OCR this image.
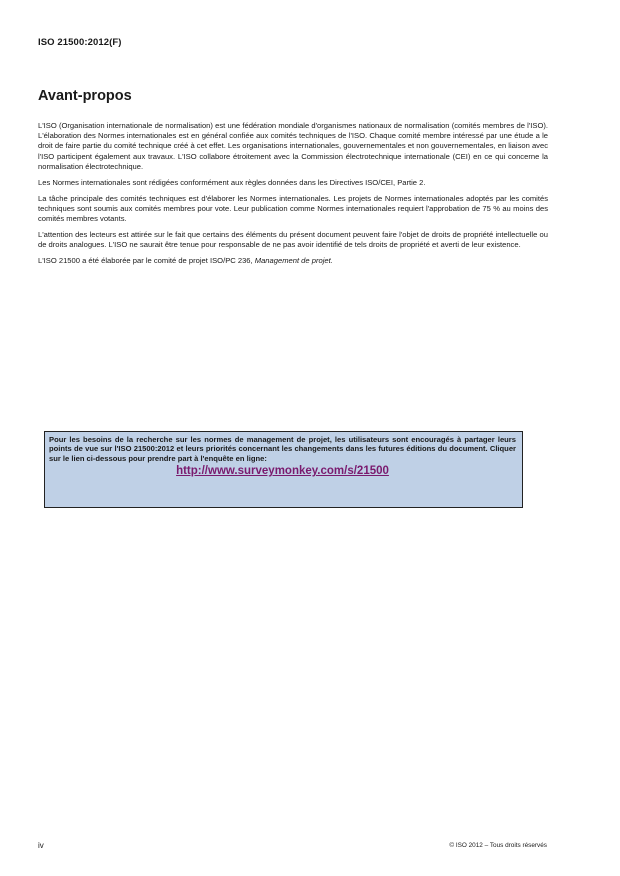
ISO 21500:2012(F)
Avant-propos

L'ISO (Organisation internationale de normalisation) est une fédération mondiale d'organismes nationaux de normalisation (comités membres de l'ISO). L'élaboration des Normes internationales est en général confiée aux comités techniques de l'ISO. Chaque comité membre intéressé par une étude a le droit de faire partie du comité technique créé à cet effet. Les organisations internationales, gouvernementales et non gouvernementales, en liaison avec l'ISO participent également aux travaux. L'ISO collabore étroitement avec la Commission électrotechnique internationale (CEI) en ce qui concerne la normalisation électrotechnique.

Les Normes internationales sont rédigées conformément aux règles données dans les Directives ISO/CEI, Partie 2.

La tâche principale des comités techniques est d'élaborer les Normes internationales. Les projets de Normes internationales adoptés par les comités techniques sont soumis aux comités membres pour vote. Leur publication comme Normes internationales requiert l'approbation de 75 % au moins des comités membres votants.

L'attention des lecteurs est attirée sur le fait que certains des éléments du présent document peuvent faire l'objet de droits de propriété intellectuelle ou de droits analogues. L'ISO ne saurait être tenue pour responsable de ne pas avoir identifié de tels droits de propriété et averti de leur existence.

L'ISO 21500 a été élaborée par le comité de projet ISO/PC 236, Management de projet.

Pour les besoins de la recherche sur les normes de management de projet, les utilisateurs sont encouragés à partager leurs points de vue sur l'ISO 21500:2012 et leurs priorités concernant les changements dans les futures éditions du document. Cliquer sur le lien ci-dessous pour prendre part à l'enquête en ligne:

http://www.surveymonkey.com/s/21500
iv	© ISO 2012 – Tous droits réservés
